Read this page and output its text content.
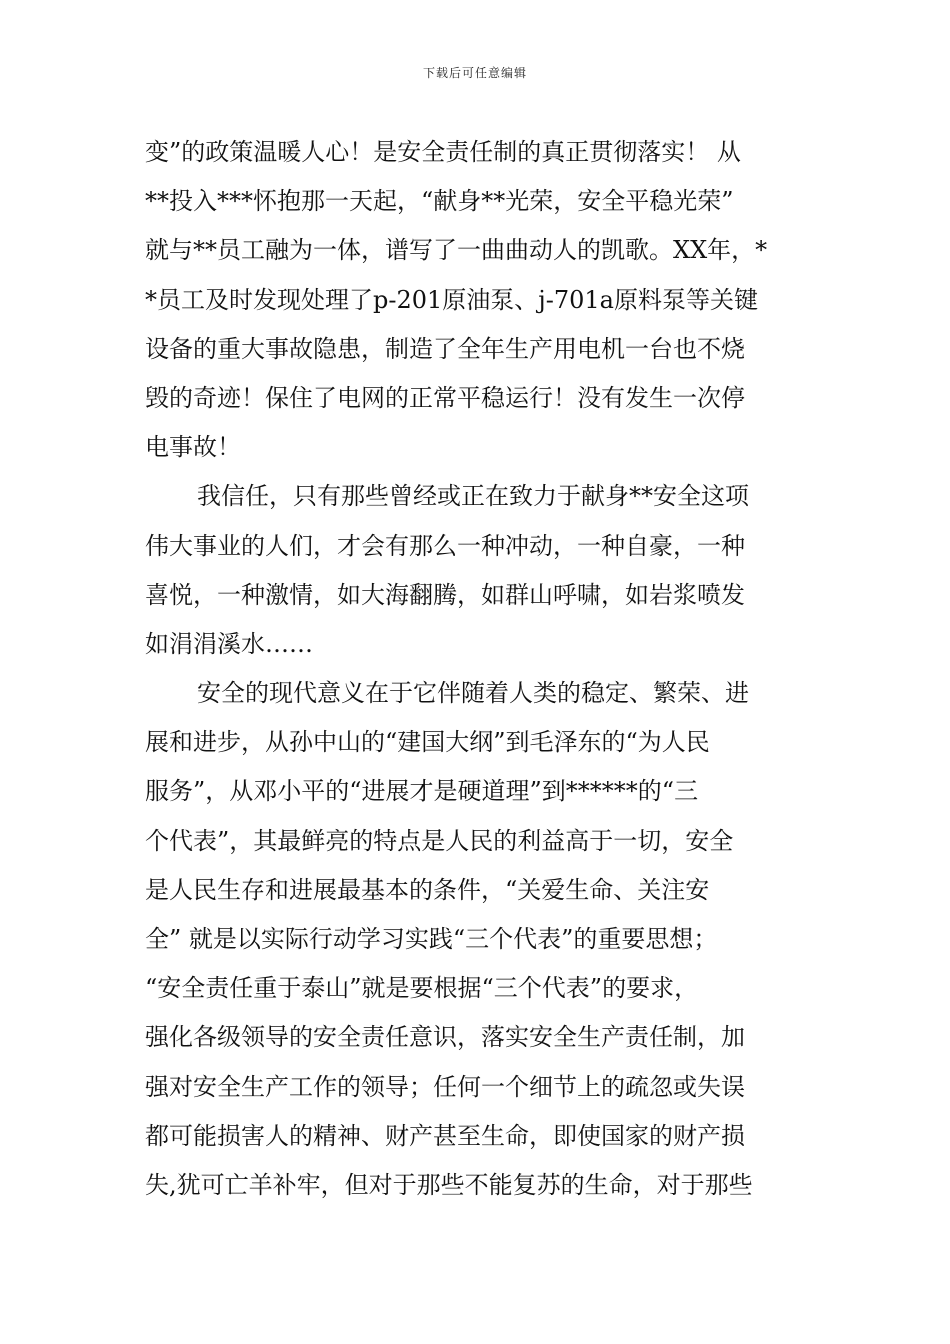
下载后可任意编辑
变”的政策温暖人心！是安全责任制的真正贯彻落实！ 从
**投入***怀抱那一天起，“献身**光荣，安全平稳光荣”
就与**员工融为一体，谱写了一曲曲动人的凯歌。XX年，*
*员工及时发现处理了p-201原油泵、j-701a原料泵等关键
设备的重大事故隐患，制造了全年生产用电机一台也不烧
毁的奇迹！保住了电网的正常平稳运行！没有发生一次停
电事故！
我信任，只有那些曾经或正在致力于献身**安全这项
伟大事业的人们，才会有那么一种冲动，一种自豪，一种
喜悦，一种激情，如大海翻腾，如群山呼啸，如岩浆喷发
如涓涓溪水……
安全的现代意义在于它伴随着人类的稳定、繁荣、进
展和进步，从孙中山的“建国大纲”到毛泽东的“为人民
服务”，从邓小平的“进展才是硬道理”到******的“三
个代表”，其最鲜亮的特点是人民的利益高于一切，安全
是人民生存和进展最基本的条件，“关爱生命、关注安
全” 就是以实际行动学习实践“三个代表”的重要思想；
“安全责任重于泰山”就是要根据“三个代表”的要求，
强化各级领导的安全责任意识，落实安全生产责任制，加
强对安全生产工作的领导；任何一个细节上的疏忽或失误
都可能损害人的精神、财产甚至生命，即使国家的财产损
失,犹可亡羊补牢，但对于那些不能复苏的生命，对于那些
